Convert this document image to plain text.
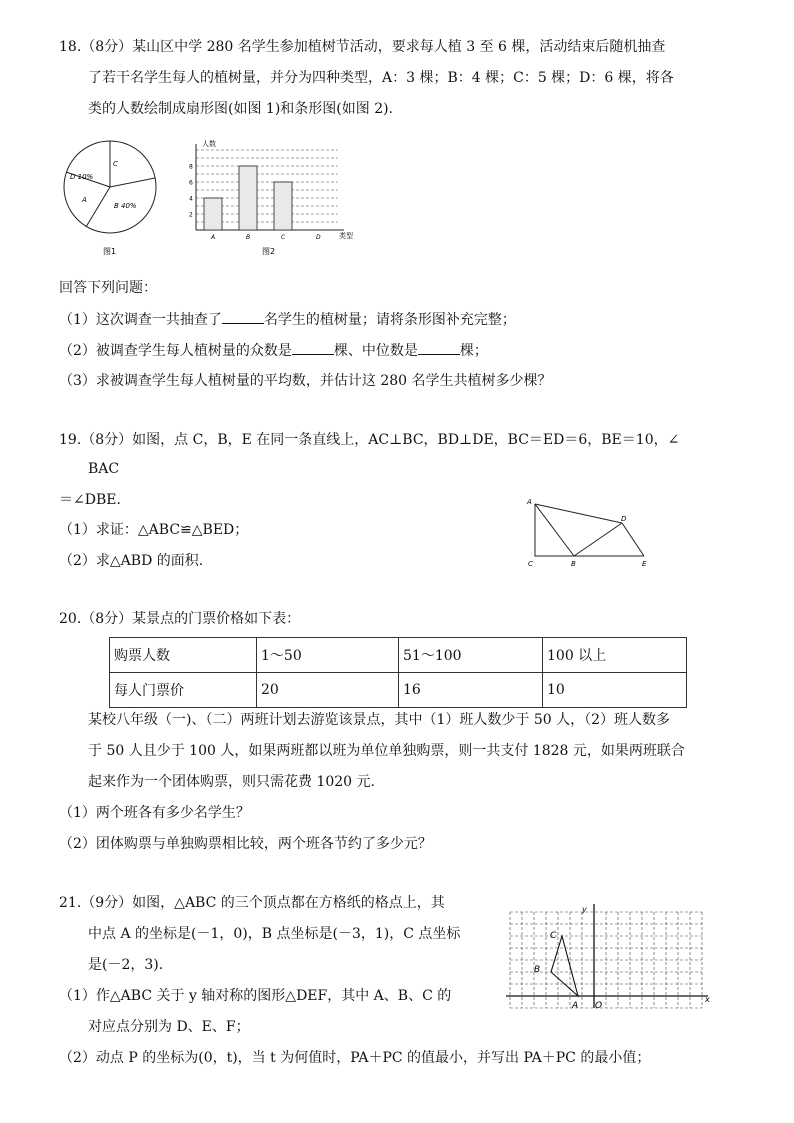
18.（8分）某山区中学 280 名学生参加植树节活动，要求每人植 3 至 6 棵，活动结束后随机抽查
了若干名学生每人的植树量，并分为四种类型，A：3 棵；B：4 棵；C：5 棵；D：6 棵，将各
类的人数绘制成扇形图(如图 1)和条形图(如图 2).
C
D 10%
A
B 40%
图1
人数
类型
2
4
6
8
A	B	C	D
图2
回答下列问题：
（1）这次调查一共抽查了	名学生的植树量；请将条形图补充完整；
（2）被调查学生每人植树量的众数是	棵、中位数是	棵；
（3）求被调查学生每人植树量的平均数，并估计这 280 名学生共植树多少棵？
19.（8分）如图，点 C，B，E 在同一条直线上，AC⊥BC，BD⊥DE，BC＝ED＝6，BE＝10，∠
BAC
＝∠DBE．
（1）求证：△ABC≌△BED；
（2）求△ABD 的面积.
A
D
C	B	E
20.（8分）某景点的门票价格如下表：
购票人数	1～50	51～100	100 以上
每人门票价	20	16	10
某校八年级（一)、（二）两班计划去游览该景点，其中（1）班人数少于 50 人，（2）班人数多
于 50 人且少于 100 人，如果两班都以班为单位单独购票，则一共支付 1828 元，如果两班联合
起来作为一个团体购票，则只需花费 1020 元.
（1）两个班各有多少名学生？
（2）团体购票与单独购票相比较，两个班各节约了多少元？
21.（9分）如图，△ABC 的三个顶点都在方格纸的格点上，其
中点 A 的坐标是(－1，0)，B 点坐标是(－3，1)，C 点坐标
是(－2，3).
（1）作△ABC 关于 y 轴对称的图形△DEF，其中 A、B、C 的
对应点分别为 D、E、F；
（2）动点 P 的坐标为(0，t)，当 t 为何值时，PA＋PC 的值最小，并写出 PA＋PC 的最小值；
y
x
C
B
A O
